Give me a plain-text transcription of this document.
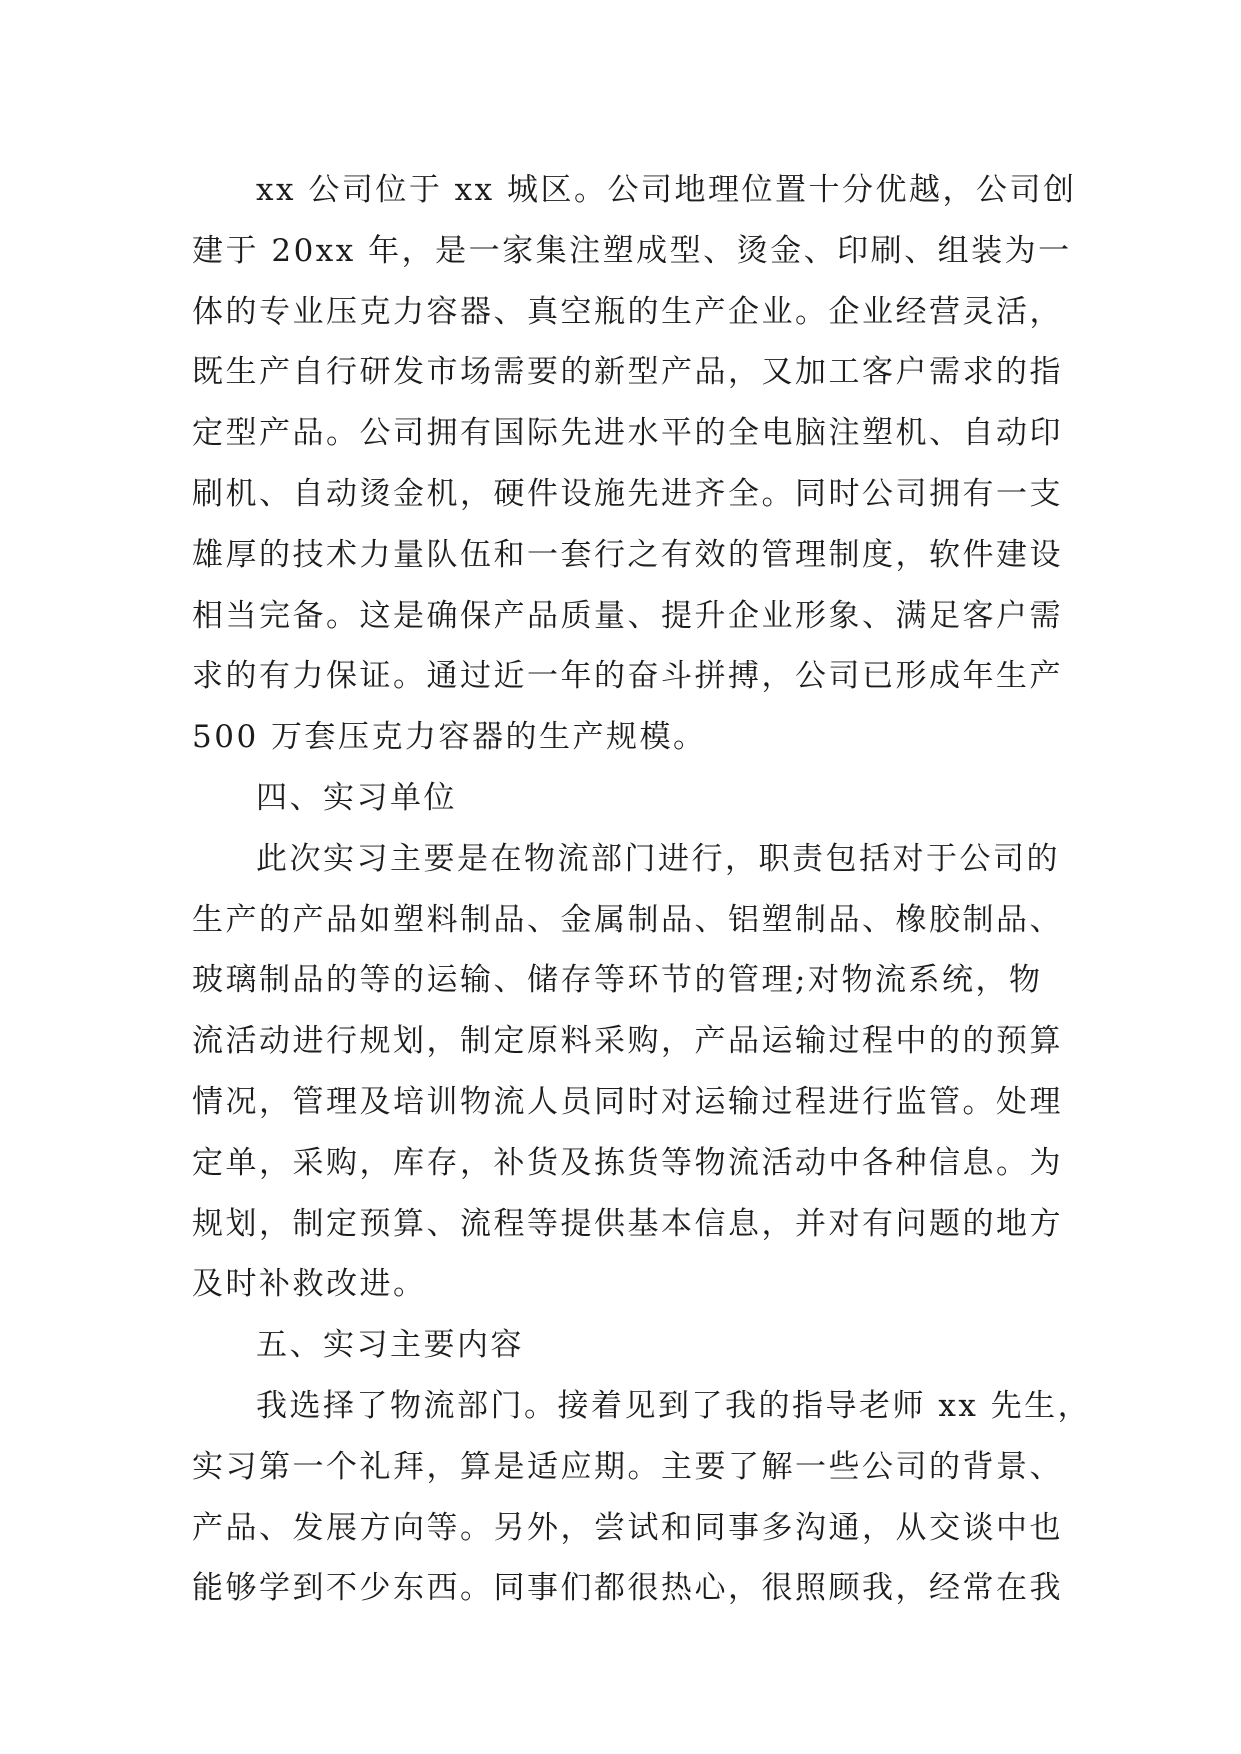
xx 公司位于 xx 城区。公司地理位置十分优越，公司创
建于 20xx 年，是一家集注塑成型、烫金、印刷、组装为一
体的专业压克力容器、真空瓶的生产企业。企业经营灵活，
既生产自行研发市场需要的新型产品，又加工客户需求的指
定型产品。公司拥有国际先进水平的全电脑注塑机、自动印
刷机、自动烫金机，硬件设施先进齐全。同时公司拥有一支
雄厚的技术力量队伍和一套行之有效的管理制度，软件建设
相当完备。这是确保产品质量、提升企业形象、满足客户需
求的有力保证。通过近一年的奋斗拼搏，公司已形成年生产
500 万套压克力容器的生产规模。
四、实习单位
此次实习主要是在物流部门进行，职责包括对于公司的
生产的产品如塑料制品、金属制品、铝塑制品、橡胶制品、
玻璃制品的等的运输、储存等环节的管理;对物流系统，物
流活动进行规划，制定原料采购，产品运输过程中的的预算
情况，管理及培训物流人员同时对运输过程进行监管。处理
定单，采购，库存，补货及拣货等物流活动中各种信息。为
规划，制定预算、流程等提供基本信息，并对有问题的地方
及时补救改进。
五、实习主要内容
我选择了物流部门。接着见到了我的指导老师 xx 先生，
实习第一个礼拜，算是适应期。主要了解一些公司的背景、
产品、发展方向等。另外，尝试和同事多沟通，从交谈中也
能够学到不少东西。同事们都很热心，很照顾我，经常在我
